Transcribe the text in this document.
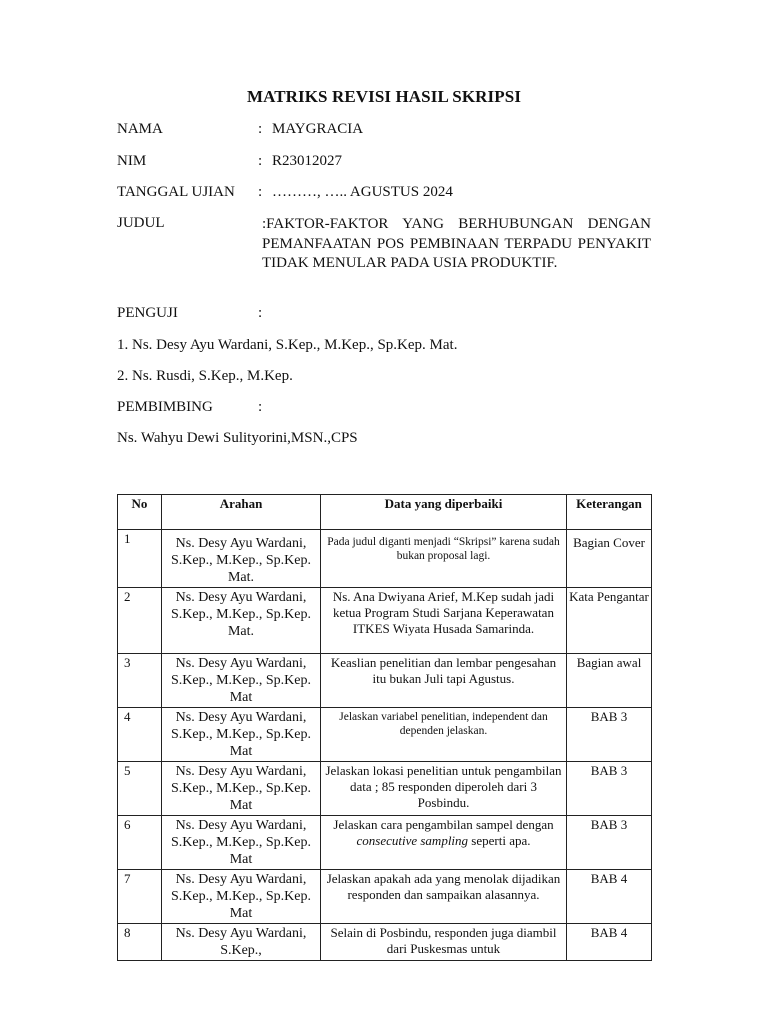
MATRIKS REVISI HASIL SKRIPSI
NAMA	: MAYGRACIA
NIM	: R23012027
TANGGAL UJIAN : ………, ….. AGUSTUS 2024
JUDUL	:FAKTOR-FAKTOR YANG BERHUBUNGAN DENGAN PEMANFAATAN POS PEMBINAAN TERPADU PENYAKIT TIDAK MENULAR PADA USIA PRODUKTIF.
PENGUJI	:
1. Ns. Desy Ayu Wardani, S.Kep., M.Kep., Sp.Kep. Mat.
2. Ns. Rusdi, S.Kep., M.Kep.
PEMBIMBING	:
Ns. Wahyu Dewi Sulityorini,MSN.,CPS
No	Arahan	Data yang diperbaiki	Keterangan
1	Ns. Desy Ayu Wardani, S.Kep., M.Kep., Sp.Kep. Mat.	Pada judul diganti menjadi “Skripsi” karena sudah bukan proposal lagi.	Bagian Cover
2	Ns. Desy Ayu Wardani, S.Kep., M.Kep., Sp.Kep. Mat.	Ns. Ana Dwiyana Arief, M.Kep sudah jadi ketua Program Studi Sarjana Keperawatan ITKES Wiyata Husada Samarinda.	Kata Pengantar
3	Ns. Desy Ayu Wardani, S.Kep., M.Kep., Sp.Kep. Mat	Keaslian penelitian dan lembar pengesahan itu bukan Juli tapi Agustus.	Bagian awal
4	Ns. Desy Ayu Wardani, S.Kep., M.Kep., Sp.Kep. Mat	Jelaskan variabel penelitian, independent dan dependen jelaskan.	BAB 3
5	Ns. Desy Ayu Wardani, S.Kep., M.Kep., Sp.Kep. Mat	Jelaskan lokasi penelitian untuk pengambilan data ; 85 responden diperoleh dari 3 Posbindu.	BAB 3
6	Ns. Desy Ayu Wardani, S.Kep., M.Kep., Sp.Kep. Mat	Jelaskan cara pengambilan sampel dengan consecutive sampling seperti apa.	BAB 3
7	Ns. Desy Ayu Wardani, S.Kep., M.Kep., Sp.Kep. Mat	Jelaskan apakah ada yang menolak dijadikan responden dan sampaikan alasannya.	BAB 4
8	Ns. Desy Ayu Wardani, S.Kep.,	Selain di Posbindu, responden juga diambil dari Puskesmas untuk	BAB 4
